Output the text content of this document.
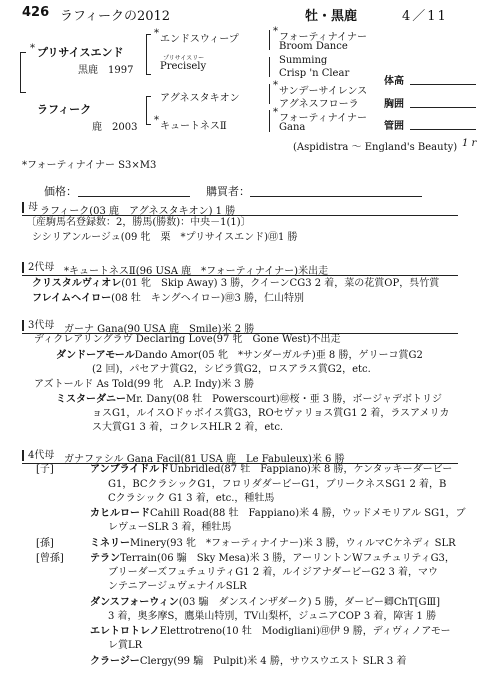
426 ラフィークの2012	牡・黒鹿	4／11
* プリサイスエンド
黒鹿　1997
ラフィーク
鹿　2003
*
エンドスウィープ
プリサイスリー
Precisely
アグネスタキオン
*
キュートネスⅡ
*
フォーティナイナー
Broom Dance
Summing
Crisp 'n Clear
*
サンデーサイレンス
アグネスフローラ
*
フォーティナイナー
Gana
(Aspidistra ～ England's Beauty) 1 r
体高
胸囲
管囲
*フォーティナイナー S3×M3
価格：	購買者：
母 ラフィーク(03 鹿　アグネスタキオン) 1 勝
〔産駒馬名登録数：2，勝馬(勝数)：中央－1(1)〕
シシリアンルージュ(09 牝　栗　*プリサイスエンド)㊞1 勝
2代母 *キュートネスⅡ(96 USA 鹿　*フォーティナイナー)米出走
クリスタルヴィオレ(01 牝　Skip Away) 3 勝，クイーンCG3 2 着，菜の花賞OP，呉竹賞
フレイムヘイロー(08 牡　キングヘイロー)㊞3 勝，仁山特別
3代母 ガーナ Gana(90 USA 鹿　Smile)米 2 勝
ディクレアリングラヴ Declaring Love(97 牝　Gone West)不出走
ダンドーアモールDando Amor(05 牝　*サンダーガルチ)亜 8 勝，ゲリーコ賞G2
(2 回)，パセアナ賞G2，シビラ賞G2，ロスアラス賞G2，etc.
アズトールド As Told(99 牝　A.P. Indy)米 3 勝
ミスターダニーMr. Dany(08 牡　Powerscourt)㊞桜・亜 3 勝，ボージャデボトリジ
ョスG1，ルイスOドゥボイス賞G3，ROセヴァリョス賞G1 2 着，ラスアメリカ
ス大賞G1 3 着，コクレスHLR 2 着，etc.
4代母 ガナファシル Gana Facil(81 USA 鹿　Le Fabuleux)米 6 勝
[子]	アンブライドルドUnbridled(87 牡　Fappiano)米 8 勝，ケンタッキーダービー
G1，BCクラシックG1，フロリダダービーG1，ブリークネスSG1 2 着，B
Cクラシック G1 3 着，etc.，種牡馬
カヒルロードCahill Road(88 牡　Fappiano)米 4 勝，ウッドメモリアル SG1，ブ
レヴューSLR 3 着，種牡馬
[孫]	ミネリーMinery(93 牝　*フォーティナイナー)米 3 勝，ウィルマCケネディ SLR
[曾孫]	テランTerrain(06 騸　Sky Mesa)米 3 勝，アーリントンWフュチュリティG3，
ブリーダーズフュチュリティG1 2 着，ルイジアナダービーG2 3 着，マウ
ンテニアージュヴェナイルSLR
ダンスフォーウィン(03 騸　ダンスインザダーク) 5 勝，ダービー卿ChT[GⅢ]
3 着，奥多摩S，鷹巣山特別，TV山梨杯，ジュニアCOP 3 着，障害 1 勝
エレトロトレノElettrotreno(10 牡　Modigliani)㊞伊 9 勝，ディヴィノアモー
レ賞LR
クラージーClergy(99 騸　Pulpit)米 4 勝，サウスウエスト SLR 3 着
